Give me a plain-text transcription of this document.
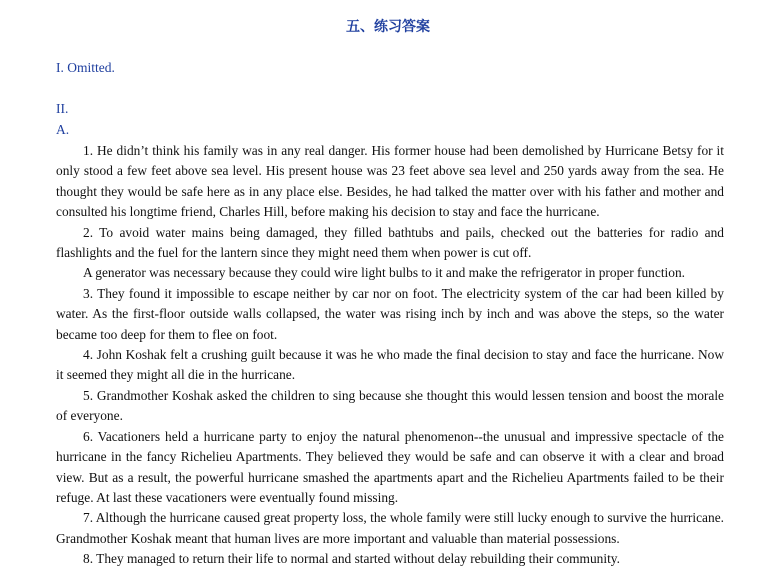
五、练习答案
I. Omitted.
II.
A.

1. He didn’t think his family was in any real danger. His former house had been demolished by Hurricane Betsy for it only stood a few feet above sea level. His present house was 23 feet above sea level and 250 yards away from the sea. He thought they would be safe here as in any place else. Besides, he had talked the matter over with his father and mother and consulted his longtime friend, Charles Hill, before making his decision to stay and face the hurricane.

2. To avoid water mains being damaged, they filled bathtubs and pails, checked out the batteries for radio and flashlights and the fuel for the lantern since they might need them when power is cut off.

A generator was necessary because they could wire light bulbs to it and make the refrigerator in proper function.

3. They found it impossible to escape neither by car nor on foot. The electricity system of the car had been killed by water. As the first-floor outside walls collapsed, the water was rising inch by inch and was above the steps, so the water became too deep for them to flee on foot.

4. John Koshak felt a crushing guilt because it was he who made the final decision to stay and face the hurricane. Now it seemed they might all die in the hurricane.

5. Grandmother Koshak asked the children to sing because she thought this would lessen tension and boost the morale of everyone.

6. Vacationers held a hurricane party to enjoy the natural phenomenon--the unusual and impressive spectacle of the hurricane in the fancy Richelieu Apartments. They believed they would be safe and can observe it with a clear and broad view. But as a result, the powerful hurricane smashed the apartments apart and the Richelieu Apartments failed to be their refuge. At last these vacationers were eventually found missing.

7. Although the hurricane caused great property loss, the whole family were still lucky enough to survive the hurricane. Grandmother Koshak meant that human lives are more important and valuable than material possessions.

8. They managed to return their life to normal and started without delay rebuilding their community.
